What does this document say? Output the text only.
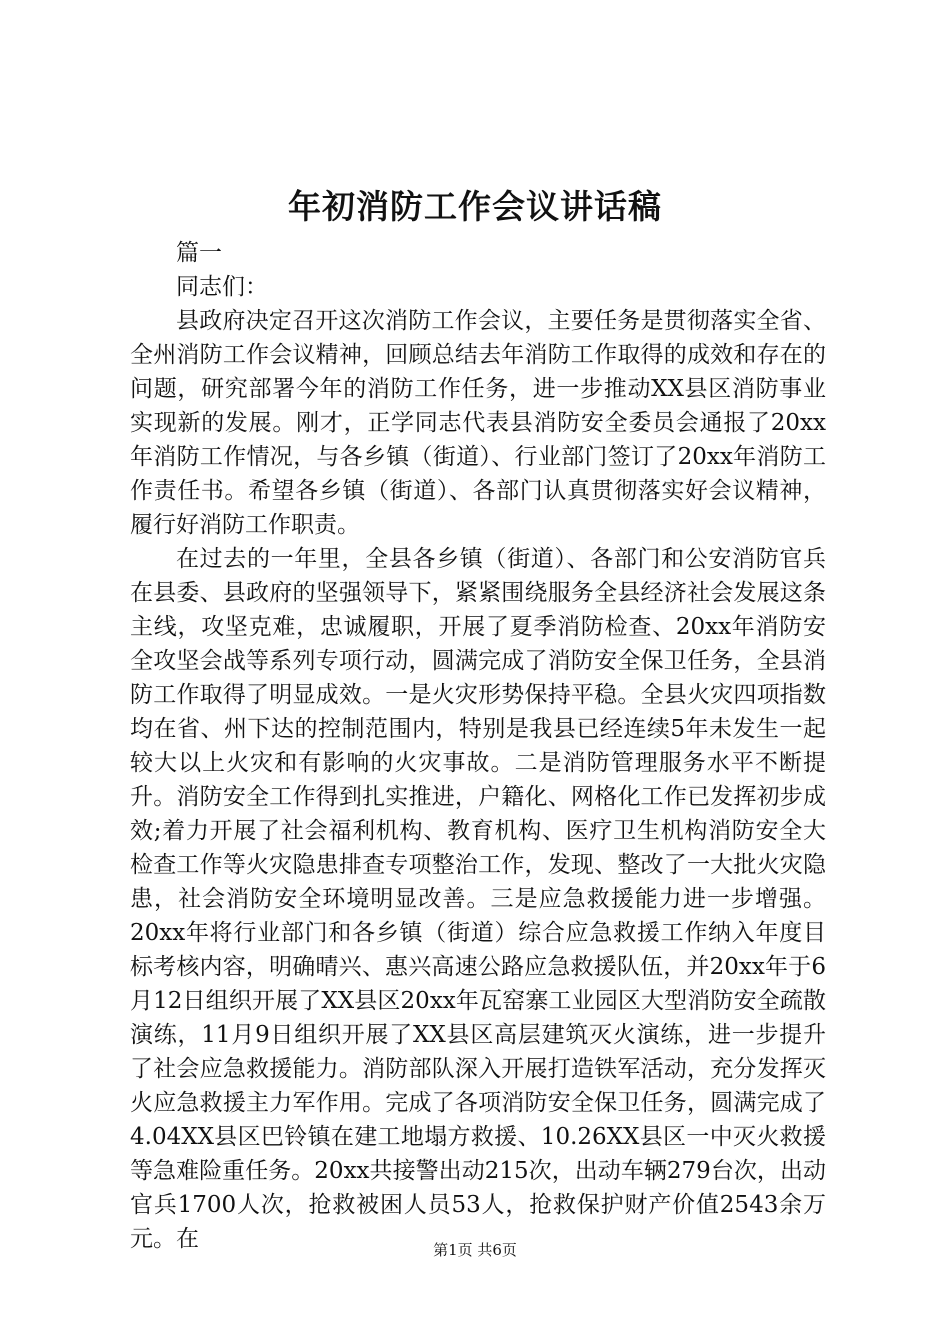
年初消防工作会议讲话稿

篇一

同志们：

县政府决定召开这次消防工作会议，主要任务是贯彻落实全省、全州消防工作会议精神，回顾总结去年消防工作取得的成效和存在的问题，研究部署今年的消防工作任务，进一步推动XX县区消防事业实现新的发展。刚才，正学同志代表县消防安全委员会通报了20xx年消防工作情况，与各乡镇（街道）、行业部门签订了20xx年消防工作责任书。希望各乡镇（街道）、各部门认真贯彻落实好会议精神，履行好消防工作职责。

在过去的一年里，全县各乡镇（街道）、各部门和公安消防官兵在县委、县政府的坚强领导下，紧紧围绕服务全县经济社会发展这条主线，攻坚克难，忠诚履职，开展了夏季消防检查、20xx年消防安全攻坚会战等系列专项行动，圆满完成了消防安全保卫任务，全县消防工作取得了明显成效。一是火灾形势保持平稳。全县火灾四项指数均在省、州下达的控制范围内，特别是我县已经连续5年未发生一起较大以上火灾和有影响的火灾事故。二是消防管理服务水平不断提升。消防安全工作得到扎实推进，户籍化、网格化工作已发挥初步成效;着力开展了社会福利机构、教育机构、医疗卫生机构消防安全大检查工作等火灾隐患排查专项整治工作，发现、整改了一大批火灾隐患，社会消防安全环境明显改善。三是应急救援能力进一步增强。20xx年将行业部门和各乡镇（街道）综合应急救援工作纳入年度目标考核内容，明确晴兴、惠兴高速公路应急救援队伍，并20xx年于6月12日组织开展了XX县区20xx年瓦窑寨工业园区大型消防安全疏散演练，11月9日组织开展了XX县区高层建筑灭火演练，进一步提升了社会应急救援能力。消防部队深入开展打造铁军活动，充分发挥灭火应急救援主力军作用。完成了各项消防安全保卫任务，圆满完成了4.04XX县区巴铃镇在建工地塌方救援、10.26XX县区一中灭火救援等急难险重任务。20xx共接警出动215次，出动车辆279台次，出动官兵1700人次，抢救被困人员53人，抢救保护财产价值2543余万元。在	第1页 共6页
